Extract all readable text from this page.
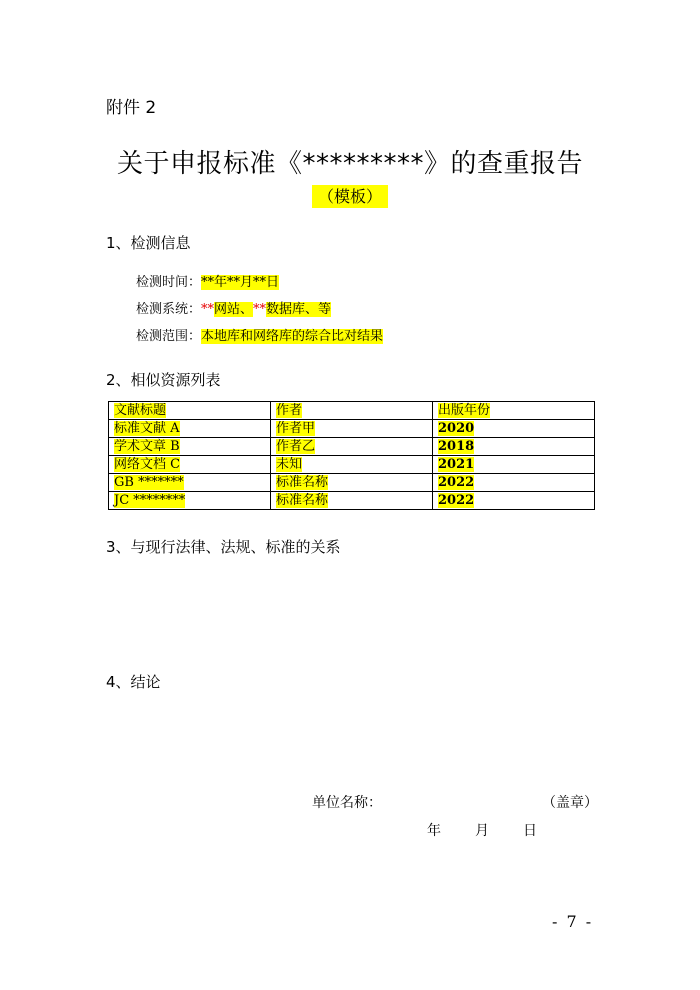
附件 2
关于申报标准《*********》的查重报告
（模板）
1、检测信息
检测时间：**年**月**日
检测系统：**网站、**数据库、等
检测范围：本地库和网络库的综合比对结果
2、相似资源列表
文献标题	作者	出版年份
标准文献 A	作者甲	2020
学术文章 B	作者乙	2018
网络文档 C	未知	2021
GB *******	标准名称	2022
JC ********	标准名称	2022
3、与现行法律、法规、标准的关系
4、结论
单位名称：	（盖章）
年 月 日
- 7 -
